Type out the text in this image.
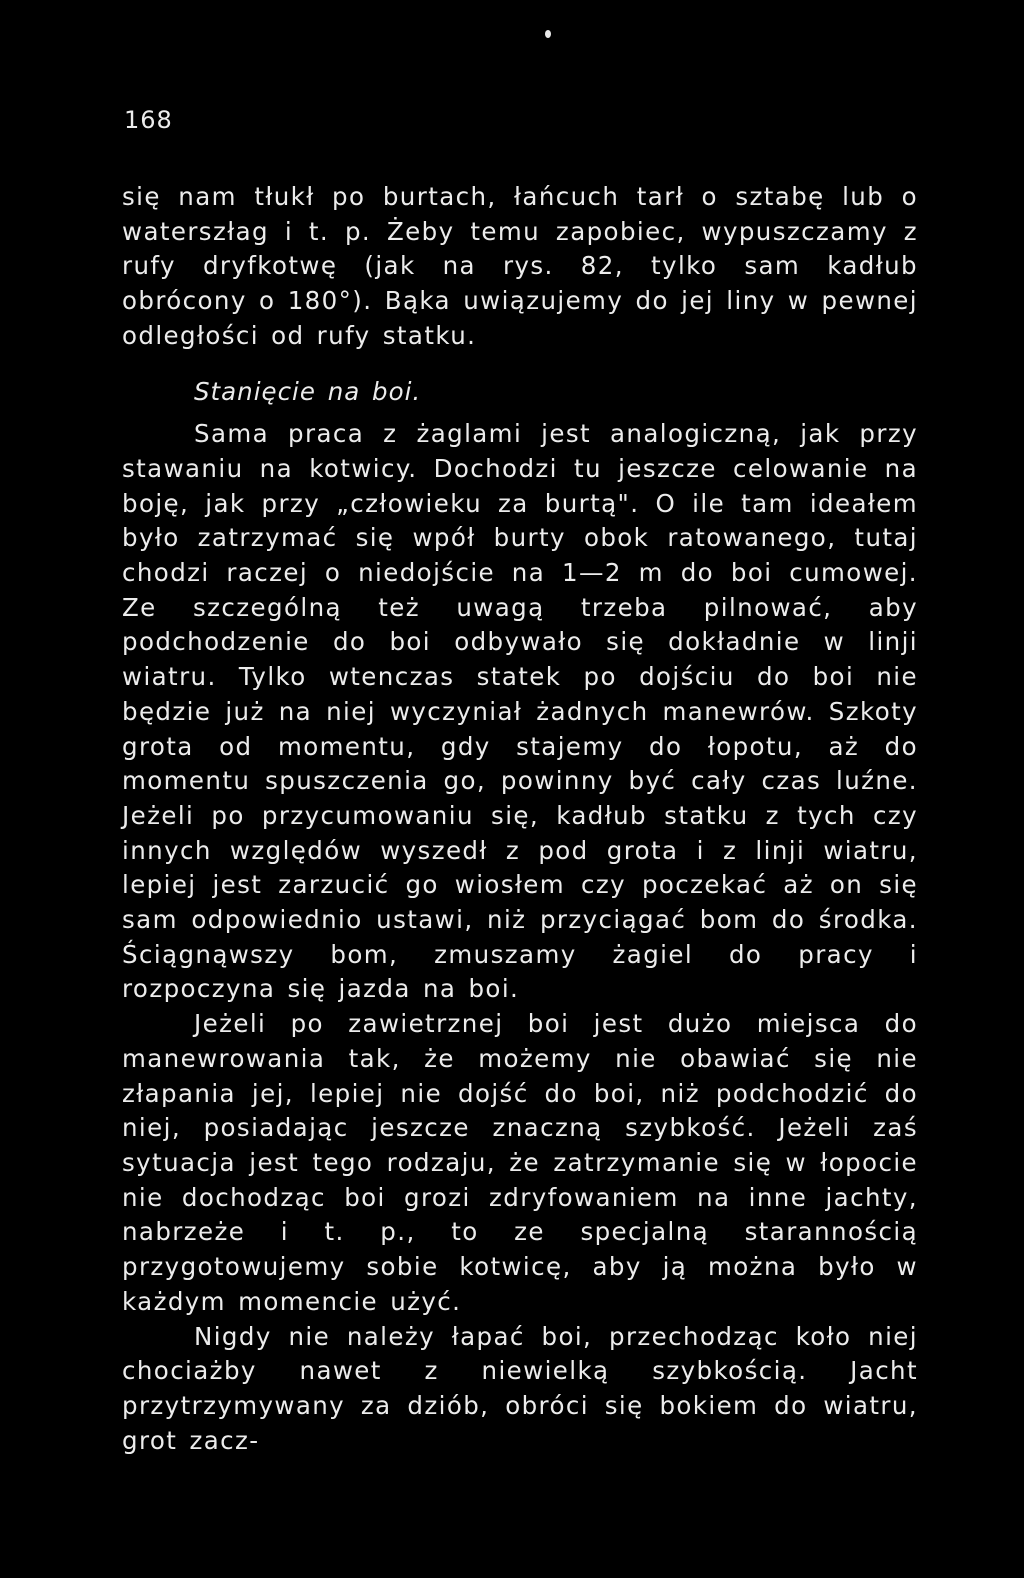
168

się nam tłukł po burtach, łańcuch tarł o sztabę lub o waterszłag i t. p. Żeby temu zapobiec, wypuszczamy z rufy dryfkotwę (jak na rys. 82, tylko sam kadłub obrócony o 180°). Bąka uwiązujemy do jej liny w pewnej odległości od rufy statku.

Stanięcie na boi.

Sama praca z żaglami jest analogiczną, jak przy stawaniu na kotwicy. Dochodzi tu jeszcze celowanie na boję, jak przy „człowieku za burtą". O ile tam ideałem było zatrzymać się wpół burty obok ratowanego, tutaj chodzi raczej o niedojście na 1—2 m do boi cumowej. Ze szczególną też uwagą trzeba pilnować, aby podchodzenie do boi odbywało się dokładnie w linji wiatru. Tylko wtenczas statek po dojściu do boi nie będzie już na niej wyczyniał żadnych manewrów. Szkoty grota od momentu, gdy stajemy do łopotu, aż do momentu spuszczenia go, powinny być cały czas luźne. Jeżeli po przycumowaniu się, kadłub statku z tych czy innych względów wyszedł z pod grota i z linji wiatru, lepiej jest zarzucić go wiosłem czy poczekać aż on się sam odpowiednio ustawi, niż przyciągać bom do środka. Ściągnąwszy bom, zmuszamy żagiel do pracy i rozpoczyna się jazda na boi.

Jeżeli po zawietrznej boi jest dużo miejsca do manewrowania tak, że możemy nie obawiać się nie złapania jej, lepiej nie dojść do boi, niż podchodzić do niej, posiadając jeszcze znaczną szybkość. Jeżeli zaś sytuacja jest tego rodzaju, że zatrzymanie się w łopocie nie dochodząc boi grozi zdryfowaniem na inne jachty, nabrzeże i t. p., to ze specjalną starannością przygotowujemy sobie kotwicę, aby ją można było w każdym momencie użyć.

Nigdy nie należy łapać boi, przechodząc koło niej chociażby nawet z niewielką szybkością. Jacht przytrzymywany za dziób, obróci się bokiem do wiatru, grot zacz-
